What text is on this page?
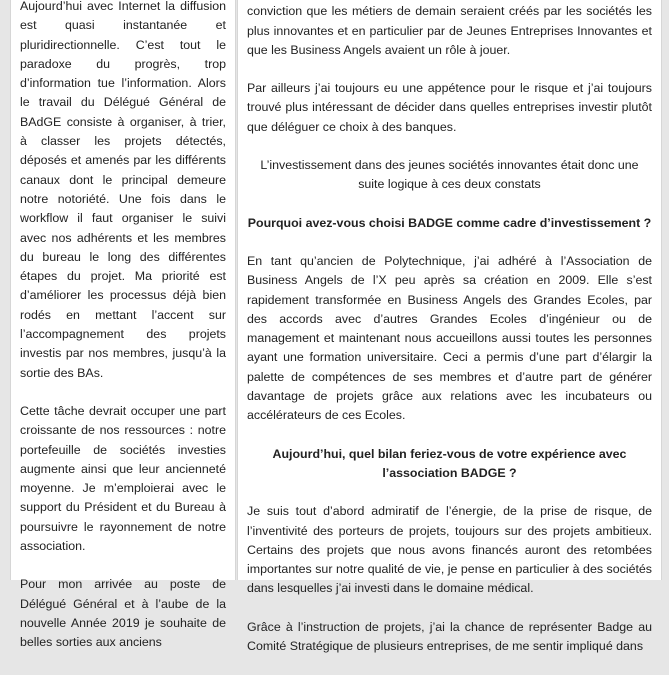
Aujourd’hui avec Internet la diffusion est quasi instantanée et pluridirectionnelle. C’est tout le paradoxe du progrès, trop d’information tue l’information. Alors le travail du Délégué Général de BAdGE consiste à organiser, à trier, à classer les projets détectés, déposés et amenés par les différents canaux dont le principal demeure notre notoriété. Une fois dans le workflow il faut organiser le suivi avec nos adhérents et les membres du bureau le long des différentes étapes du projet. Ma priorité est d’améliorer les processus déjà bien rodés en mettant l’accent sur l’accompagnement des projets investis par nos membres, jusqu’à la sortie des BAs.

Cette tâche devrait occuper une part croissante de nos ressources : notre portefeuille de sociétés investies augmente ainsi que leur ancienneté moyenne. Je m’emploierai avec le support du Président et du Bureau à poursuivre le rayonnement de notre association.

Pour mon arrivée au poste de Délégué Général et à l’aube de la nouvelle Année 2019 je souhaite de belles sorties aux anciens

conviction que les métiers de demain seraient créés par les sociétés les plus innovantes et en particulier par de Jeunes Entreprises Innovantes et que les Business Angels avaient un rôle à jouer.

Par ailleurs j’ai toujours eu une appétence pour le risque et j’ai toujours trouvé plus intéressant de décider dans quelles entreprises investir plutôt que déléguer ce choix à des banques.

L’investissement dans des jeunes sociétés innovantes était donc une suite logique à ces deux constats

Pourquoi avez-vous choisi BADGE comme cadre d’investissement ?

En tant qu’ancien de Polytechnique, j’ai adhéré à l’Association de Business Angels de l’X peu après sa création en 2009. Elle s’est rapidement transformée en Business Angels des Grandes Ecoles, par des accords avec d’autres Grandes Ecoles d’ingénieur ou de management et maintenant nous accueillons aussi toutes les personnes ayant une formation universitaire. Ceci a permis d’une part d’élargir la palette de compétences de ses membres et d’autre part de générer davantage de projets grâce aux relations avec les incubateurs ou accélérateurs de ces Ecoles.

Aujourd’hui, quel bilan feriez-vous de votre expérience avec l’association BADGE ?

Je suis tout d’abord admiratif de l’énergie, de la prise de risque, de l’inventivité des porteurs de projets, toujours sur des projets ambitieux. Certains des projets que nous avons financés auront des retombées importantes sur notre qualité de vie, je pense en particulier à des sociétés dans lesquelles j’ai investi dans le domaine médical.

Grâce à l’instruction de projets, j’ai la chance de représenter Badge au Comité Stratégique de plusieurs entreprises, de me sentir impliqué dans
